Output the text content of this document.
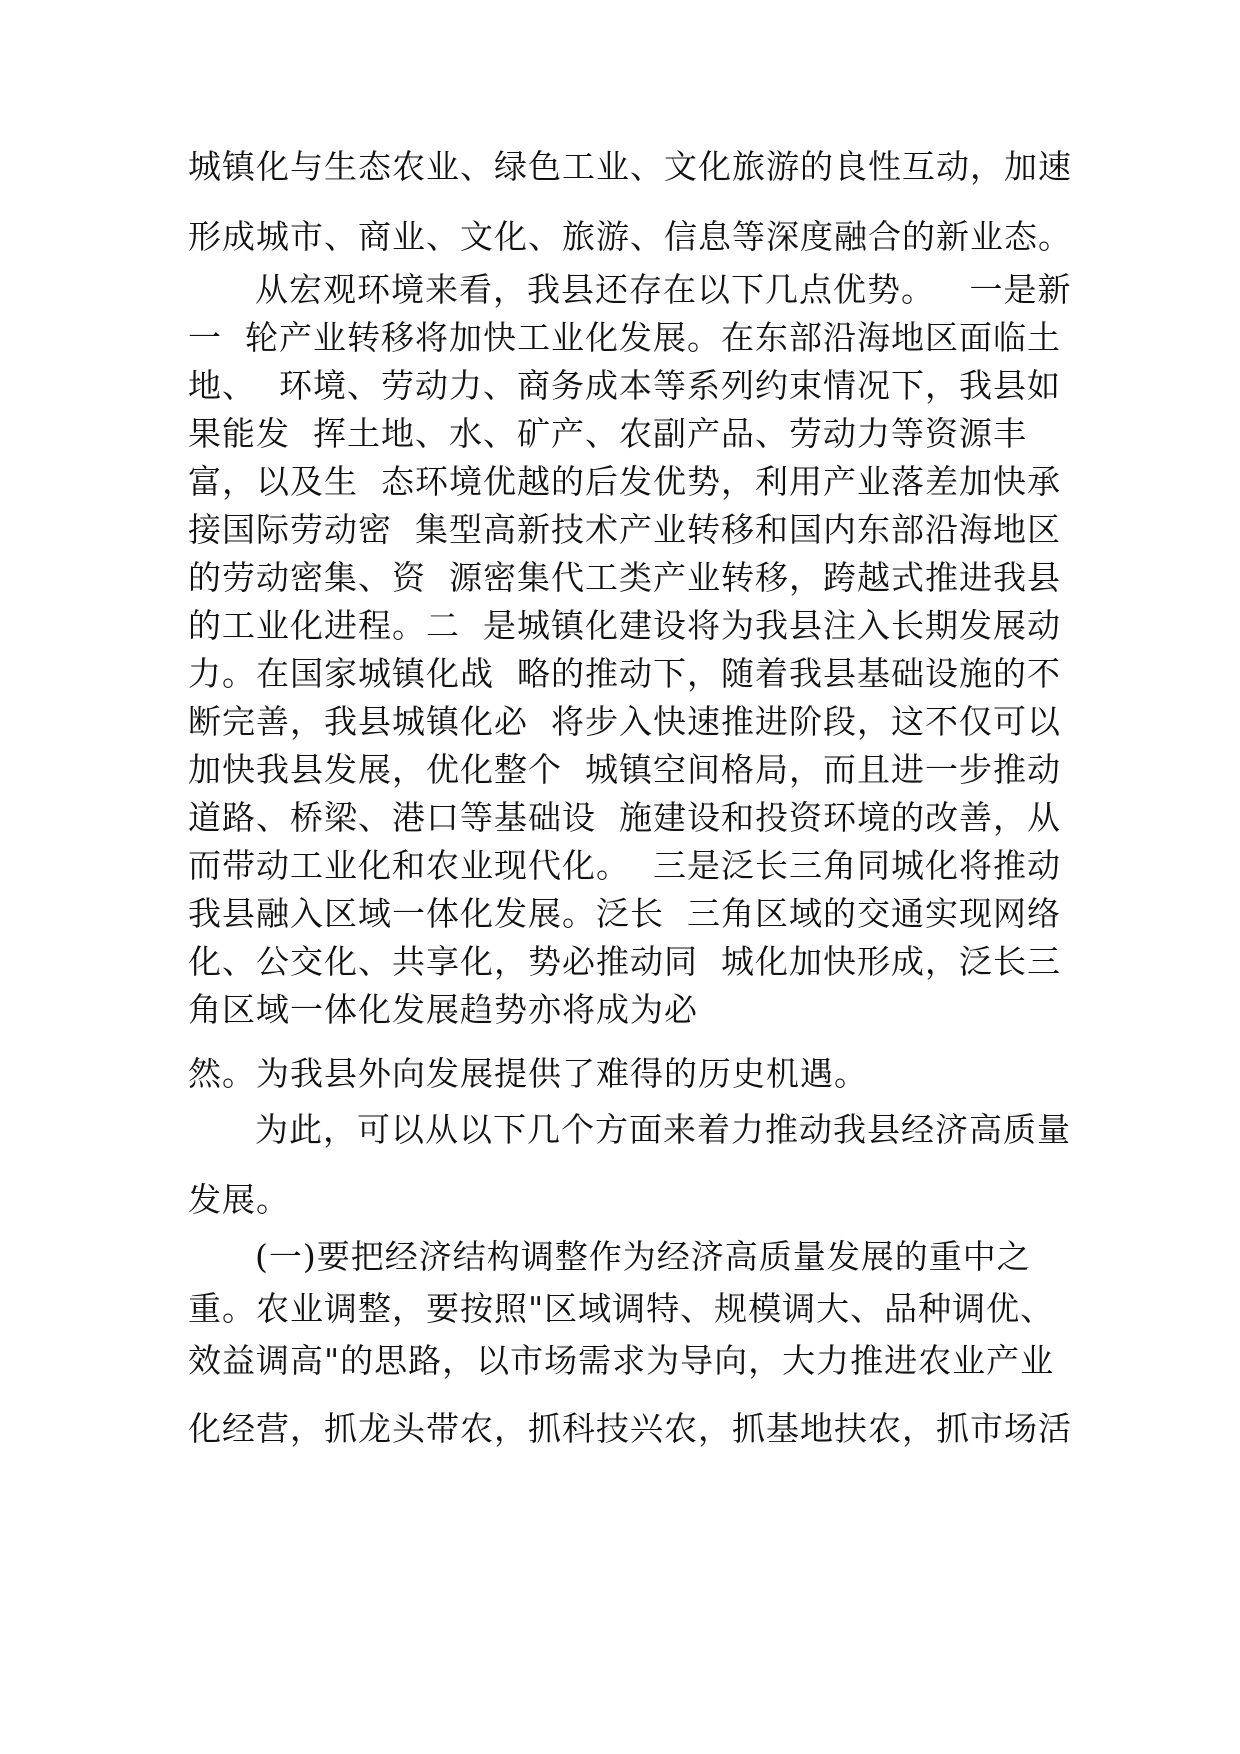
城镇化与生态农业、绿色工业、文化旅游的良性互动，加速
形成城市、商业、文化、旅游、信息等深度融合的新业态。
从宏观环境来看，我县还存在以下几点优势。   一是新
一  轮产业转移将加快工业化发展。在东部沿海地区面临土
地、  环境、劳动力、商务成本等系列约束情况下，我县如
果能发  挥土地、水、矿产、农副产品、劳动力等资源丰
富，以及生  态环境优越的后发优势，利用产业落差加快承
接国际劳动密  集型高新技术产业转移和国内东部沿海地区
的劳动密集、资  源密集代工类产业转移，跨越式推进我县
的工业化进程。二  是城镇化建设将为我县注入长期发展动
力。在国家城镇化战  略的推动下，随着我县基础设施的不
断完善，我县城镇化必  将步入快速推进阶段，这不仅可以
加快我县发展，优化整个  城镇空间格局，而且进一步推动
道路、桥梁、港口等基础设  施建设和投资环境的改善，从
而带动工业化和农业现代化。  三是泛长三角同城化将推动
我县融入区域一体化发展。泛长  三角区域的交通实现网络
化、公交化、共享化，势必推动同  城化加快形成，泛长三
角区域一体化发展趋势亦将成为必
然。为我县外向发展提供了难得的历史机遇。
为此，可以从以下几个方面来着力推动我县经济高质量
发展。
(一)要把经济结构调整作为经济高质量发展的重中之
重。农业调整，要按照"区域调特、规模调大、品种调优、
效益调高"的思路，以市场需求为导向，大力推进农业产业
化经营，抓龙头带农，抓科技兴农，抓基地扶农，抓市场活
